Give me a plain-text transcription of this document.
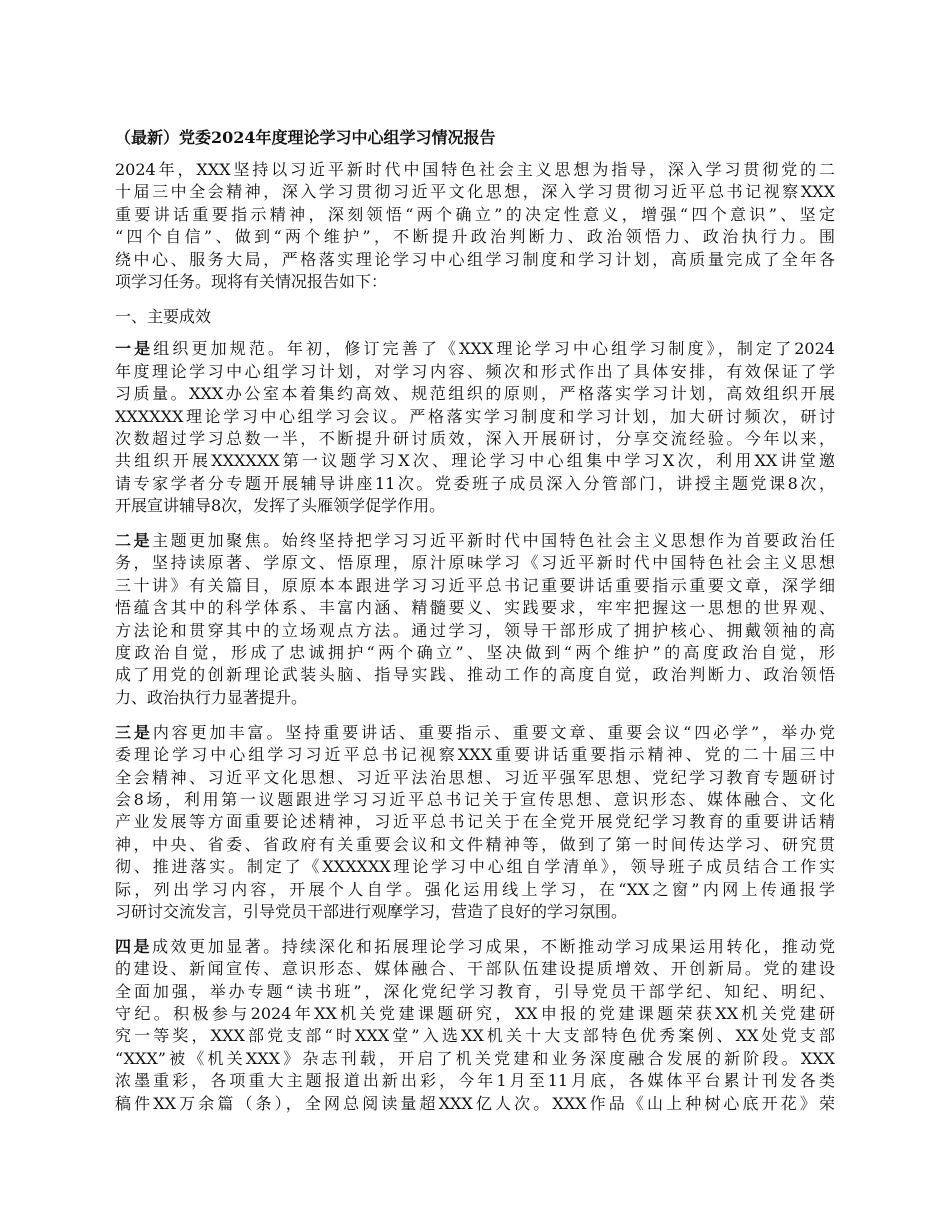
（最新）党委2024年度理论学习中心组学习情况报告
2024年，XXX坚持以习近平新时代中国特色社会主义思想为指导，深入学习贯彻党的二
十届三中全会精神，深入学习贯彻习近平文化思想，深入学习贯彻习近平总书记视察XXX
重要讲话重要指示精神，深刻领悟“两个确立”的决定性意义，增强“四个意识”、坚定
“四个自信”、做到“两个维护”，不断提升政治判断力、政治领悟力、政治执行力。围
绕中心、服务大局，严格落实理论学习中心组学习制度和学习计划，高质量完成了全年各
项学习任务。现将有关情况报告如下：
一、主要成效
一是组织更加规范。年初，修订完善了《XXX理论学习中心组学习制度》，制定了2024
年度理论学习中心组学习计划，对学习内容、频次和形式作出了具体安排，有效保证了学
习质量。XXX办公室本着集约高效、规范组织的原则，严格落实学习计划，高效组织开展
XXXXXX理论学习中心组学习会议。严格落实学习制度和学习计划，加大研讨频次，研讨
次数超过学习总数一半，不断提升研讨质效，深入开展研讨，分享交流经验。今年以来，
共组织开展XXXXXX第一议题学习X次、理论学习中心组集中学习X次，利用XX讲堂邀
请专家学者分专题开展辅导讲座11次。党委班子成员深入分管部门，讲授主题党课8次，
开展宣讲辅导8次，发挥了头雁领学促学作用。
二是主题更加聚焦。始终坚持把学习习近平新时代中国特色社会主义思想作为首要政治任
务，坚持读原著、学原文、悟原理，原汁原味学习《习近平新时代中国特色社会主义思想
三十讲》有关篇目，原原本本跟进学习习近平总书记重要讲话重要指示重要文章，深学细
悟蕴含其中的科学体系、丰富内涵、精髓要义、实践要求，牢牢把握这一思想的世界观、
方法论和贯穿其中的立场观点方法。通过学习，领导干部形成了拥护核心、拥戴领袖的高
度政治自觉，形成了忠诚拥护“两个确立”、坚决做到“两个维护”的高度政治自觉，形
成了用党的创新理论武装头脑、指导实践、推动工作的高度自觉，政治判断力、政治领悟
力、政治执行力显著提升。
三是内容更加丰富。坚持重要讲话、重要指示、重要文章、重要会议“四必学”，举办党
委理论学习中心组学习习近平总书记视察XXX重要讲话重要指示精神、党的二十届三中
全会精神、习近平文化思想、习近平法治思想、习近平强军思想、党纪学习教育专题研讨
会8场，利用第一议题跟进学习习近平总书记关于宣传思想、意识形态、媒体融合、文化
产业发展等方面重要论述精神，习近平总书记关于在全党开展党纪学习教育的重要讲话精
神，中央、省委、省政府有关重要会议和文件精神等，做到了第一时间传达学习、研究贯
彻、推进落实。制定了《XXXXXX理论学习中心组自学清单》，领导班子成员结合工作实
际，列出学习内容，开展个人自学。强化运用线上学习，在“XX之窗”内网上传通报学
习研讨交流发言，引导党员干部进行观摩学习，营造了良好的学习氛围。
四是成效更加显著。持续深化和拓展理论学习成果，不断推动学习成果运用转化，推动党
的建设、新闻宣传、意识形态、媒体融合、干部队伍建设提质增效、开创新局。党的建设
全面加强，举办专题“读书班”，深化党纪学习教育，引导党员干部学纪、知纪、明纪、
守纪。积极参与2024年XX机关党建课题研究，XX申报的党建课题荣获XX机关党建研
究一等奖，XXX部党支部“时XXX堂”入选XX机关十大支部特色优秀案例、XX处党支部
“XXX”被《机关XXX》杂志刊载，开启了机关党建和业务深度融合发展的新阶段。XXX
浓墨重彩，各项重大主题报道出新出彩，今年1月至11月底，各媒体平台累计刊发各类
稿件XX万余篇（条），全网总阅读量超XXX亿人次。XXX作品《山上种树心底开花》荣
